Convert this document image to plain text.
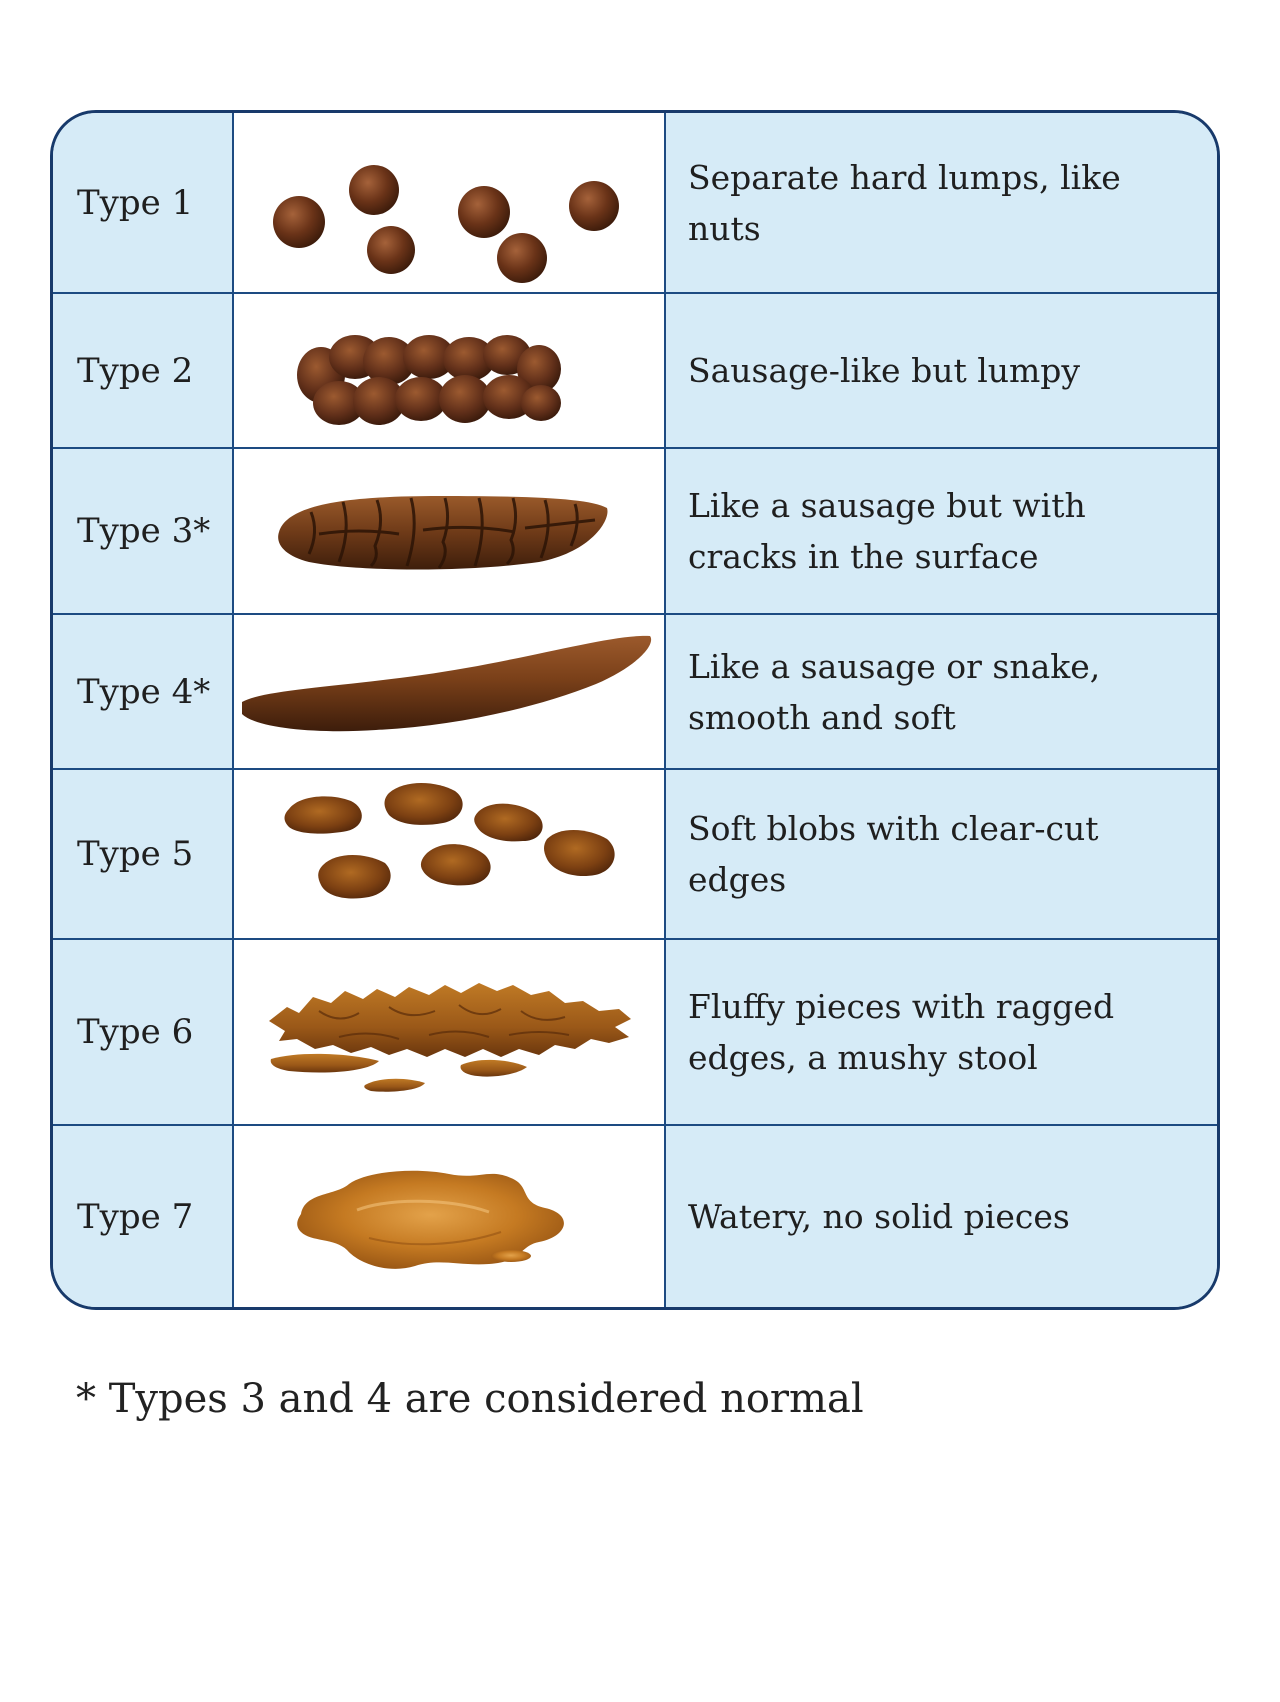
Type 1		Separate hard lumps, like nuts
Type 2		Sausage-like but lumpy
Type 3*		Like a sausage but with cracks in the surface
Type 4*		Like a sausage or snake, smooth and soft
Type 5		Soft blobs with clear-cut edges
Type 6		Fluffy pieces with ragged edges, a mushy stool
Type 7		Watery, no solid pieces
* Types 3 and 4 are considered normal
